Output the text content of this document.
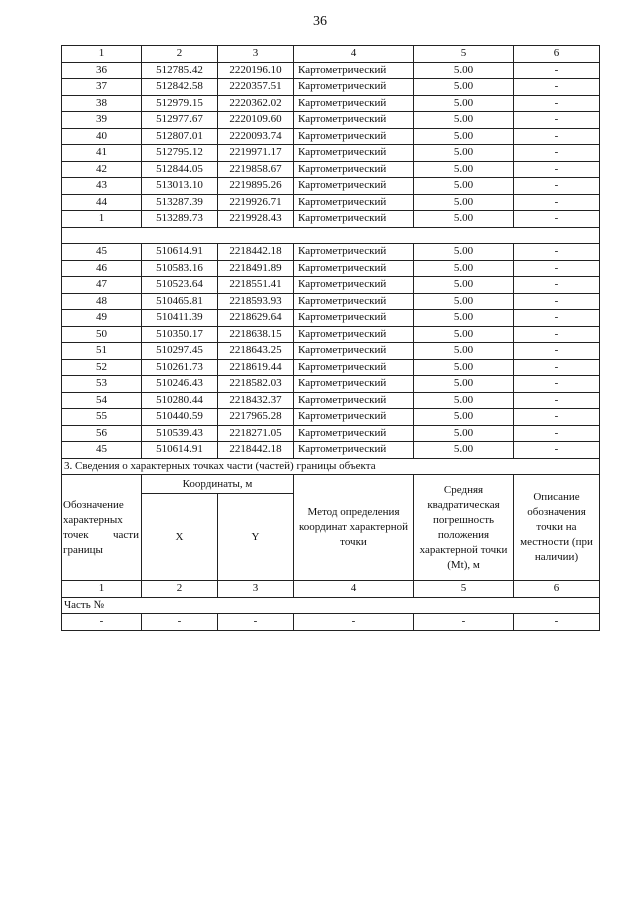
36
1	2	3	4	5	6
36	512785.42	2220196.10	Картометрический	5.00	-
37	512842.58	2220357.51	Картометрический	5.00	-
38	512979.15	2220362.02	Картометрический	5.00	-
39	512977.67	2220109.60	Картометрический	5.00	-
40	512807.01	2220093.74	Картометрический	5.00	-
41	512795.12	2219971.17	Картометрический	5.00	-
42	512844.05	2219858.67	Картометрический	5.00	-
43	513013.10	2219895.26	Картометрический	5.00	-
44	513287.39	2219926.71	Картометрический	5.00	-
1	513289.73	2219928.43	Картометрический	5.00	-

45	510614.91	2218442.18	Картометрический	5.00	-
46	510583.16	2218491.89	Картометрический	5.00	-
47	510523.64	2218551.41	Картометрический	5.00	-
48	510465.81	2218593.93	Картометрический	5.00	-
49	510411.39	2218629.64	Картометрический	5.00	-
50	510350.17	2218638.15	Картометрический	5.00	-
51	510297.45	2218643.25	Картометрический	5.00	-
52	510261.73	2218619.44	Картометрический	5.00	-
53	510246.43	2218582.03	Картометрический	5.00	-
54	510280.44	2218432.37	Картометрический	5.00	-
55	510440.59	2217965.28	Картометрический	5.00	-
56	510539.43	2218271.05	Картометрический	5.00	-
45	510614.91	2218442.18	Картометрический	5.00	-
3. Сведения о характерных точках части (частей) границы объекта					
Обозначение характерных точек части границы	Координаты, м		Метод определения координат характерной точки	Средняя квадратическая погрешность положения характерной точки (Mt), м	Описание обозначения точки на местности (при наличии)
	X	Y			
1	2	3	4	5	6
Часть №					
-	-	-	-	-	-
